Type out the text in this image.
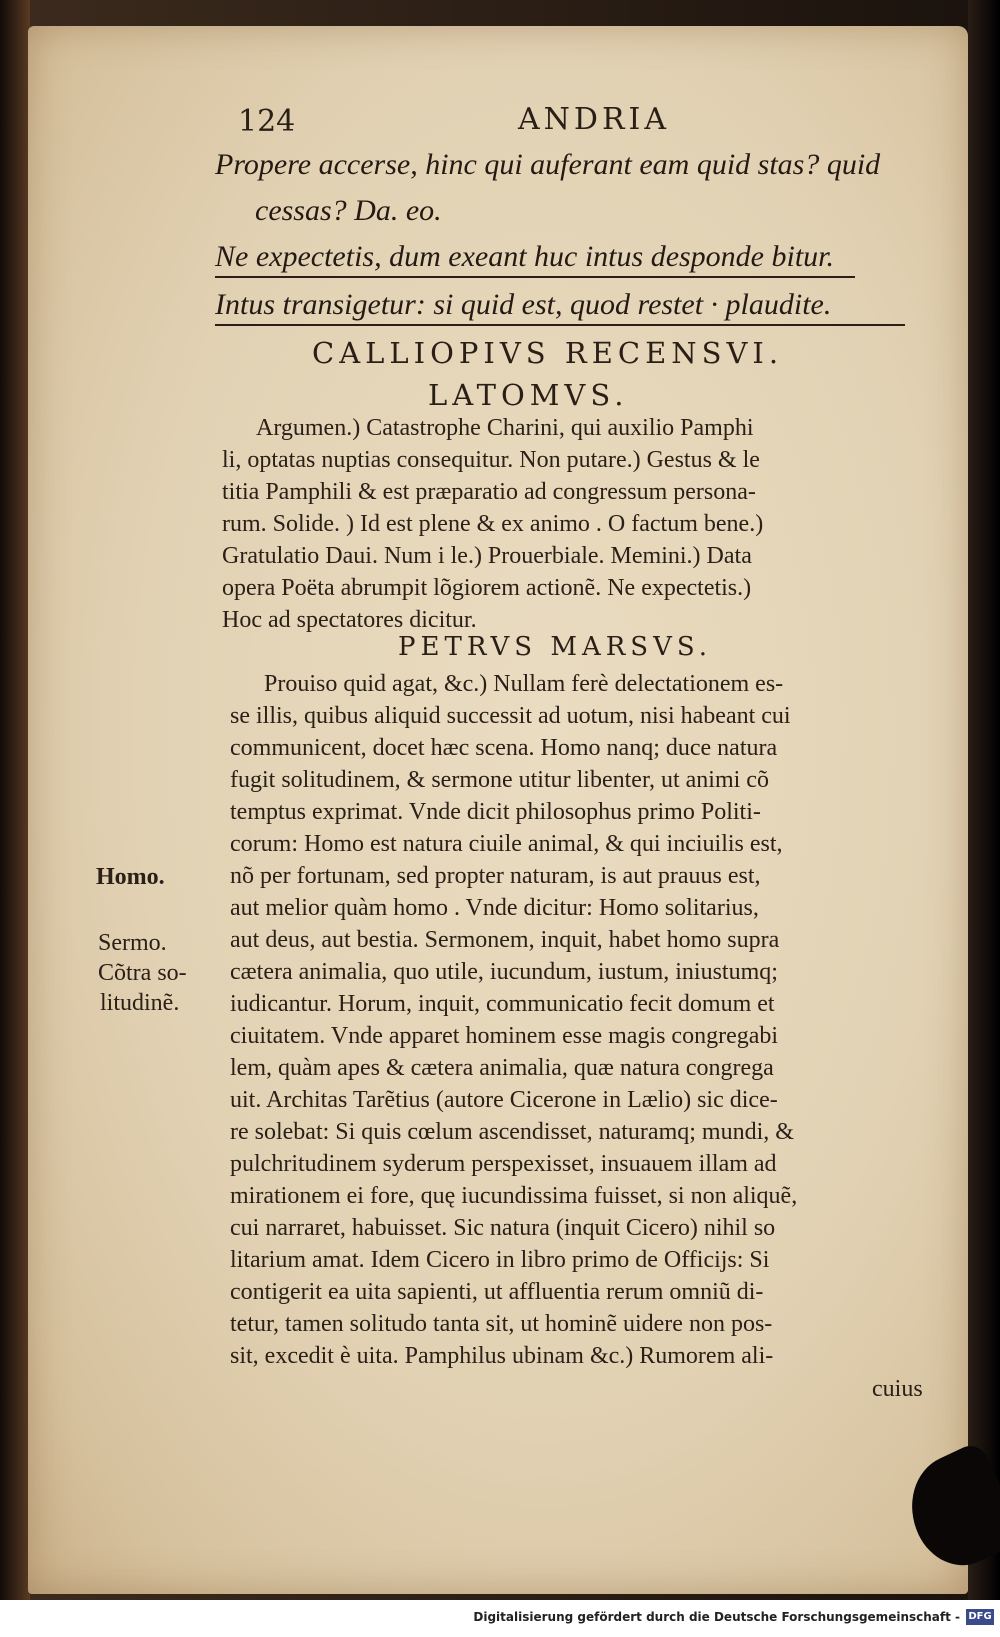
124	ANDRIA
Propere accerse, hinc qui auferant eam quid stas? quid
cessas? Da. eo.
Ne expectetis, dum exeant huc intus desponde bitur.
Intus transigetur: si quid est, quod restet · plaudite.
CALLIOPIVS RECENSVI.
LATOMVS.
Argumen.) Catastrophe Charini, qui auxilio Pamphi
li, optatas nuptias consequitur. Non putare.) Gestus & le
titia Pamphili & est præparatio ad congressum persona-
rum. Solide. ) Id est plene & ex animo . O factum bene.)
Gratulatio Daui. Num i le.) Prouerbiale. Memini.) Data
opera Poëta abrumpit lõgiorem actionẽ. Ne expectetis.)
Hoc ad spectatores dicitur.
PETRVS MARSVS.
Prouiso quid agat, &c.) Nullam ferè delectationem es-
se illis, quibus aliquid successit ad uotum, nisi habeant cui
communicent, docet hæc scena. Homo nanq; duce natura
fugit solitudinem, & sermone utitur libenter, ut animi cõ
temptus exprimat. Vnde dicit philosophus primo Politi-
corum: Homo est natura ciuile animal, & qui inciuilis est,
nõ per fortunam, sed propter naturam, is aut prauus est,
aut melior quàm homo . Vnde dicitur: Homo solitarius,
aut deus, aut bestia. Sermonem, inquit, habet homo supra
cætera animalia, quo utile, iucundum, iustum, iniustumq;
iudicantur. Horum, inquit, communicatio fecit domum et
ciuitatem. Vnde apparet hominem esse magis congregabi
lem, quàm apes & cætera animalia, quæ natura congrega
uit. Architas Tarẽtius (autore Cicerone in Lælio) sic dice-
re solebat: Si quis cœlum ascendisset, naturamq; mundi, &
pulchritudinem syderum perspexisset, insuauem illam ad
mirationem ei fore, quę iucundissima fuisset, si non aliquẽ,
cui narraret, habuisset. Sic natura (inquit Cicero) nihil so
litarium amat. Idem Cicero in libro primo de Officijs: Si
contigerit ea uita sapienti, ut affluentia rerum omniũ di-
tetur, tamen solitudo tanta sit, ut hominẽ uidere non pos-
sit, excedit è uita. Pamphilus ubinam &c.) Rumorem ali-
cuius
Homo.
Sermo.
Cõtra so-
litudinẽ.
Digitalisierung gefördert durch die Deutsche Forschungsgemeinschaft - DFG
